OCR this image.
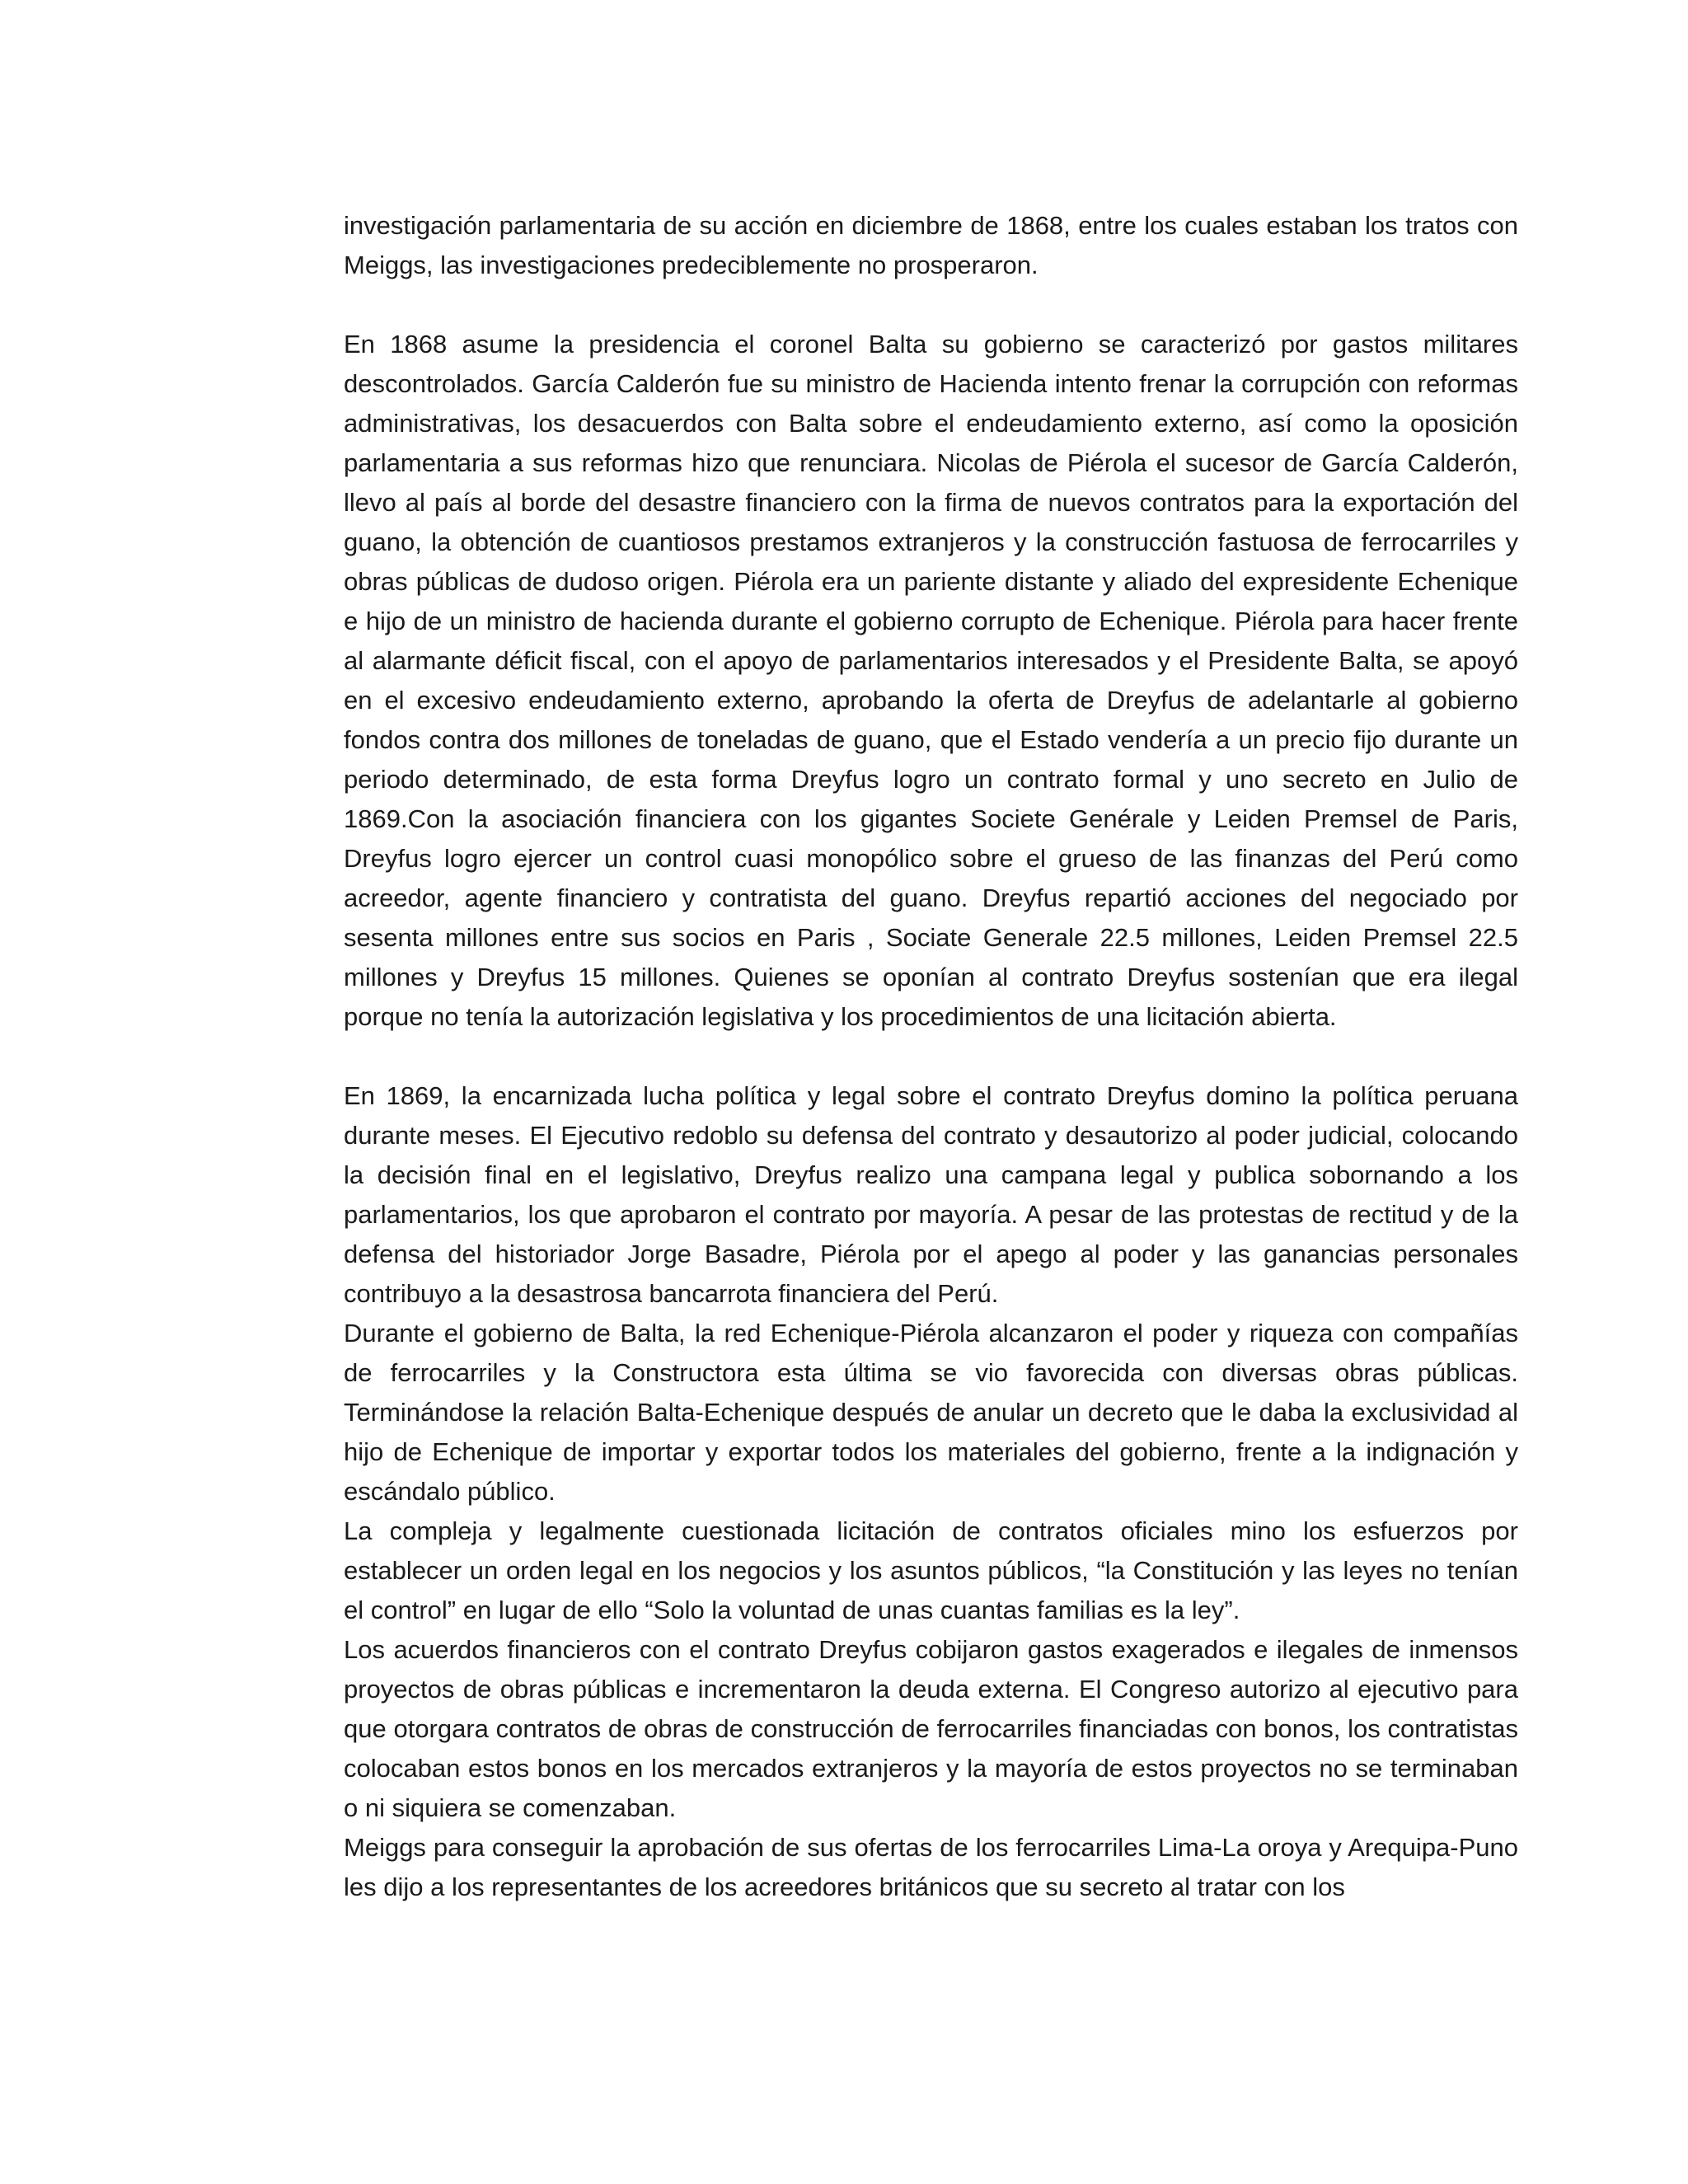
investigación parlamentaria de su acción en diciembre de 1868, entre los cuales estaban los tratos con Meiggs, las investigaciones predeciblemente no prosperaron.

En 1868 asume la presidencia el coronel Balta su gobierno se caracterizó por gastos militares descontrolados. García Calderón fue su ministro de Hacienda intento frenar la corrupción con reformas administrativas, los desacuerdos con Balta sobre el endeudamiento externo, así como la oposición parlamentaria a sus reformas hizo que renunciara. Nicolas de Piérola el sucesor de García Calderón, llevo al país al borde del desastre financiero con la firma de nuevos contratos para la exportación del guano, la obtención de cuantiosos prestamos extranjeros y la construcción fastuosa de ferrocarriles y obras públicas de dudoso origen. Piérola era un pariente distante y aliado del expresidente Echenique e hijo de un ministro de hacienda durante el gobierno corrupto de Echenique. Piérola para hacer frente al alarmante déficit fiscal, con el apoyo de parlamentarios interesados y el Presidente Balta, se apoyó en el excesivo endeudamiento externo, aprobando la oferta de Dreyfus de adelantarle al gobierno fondos contra dos millones de toneladas de guano, que el Estado vendería a un precio fijo durante un periodo determinado, de esta forma Dreyfus logro un contrato formal y uno secreto en Julio de 1869.Con la asociación financiera con los gigantes Societe Genérale y Leiden Premsel de Paris, Dreyfus logro ejercer un control cuasi monopólico sobre el grueso de las finanzas del Perú como acreedor, agente financiero y contratista del guano. Dreyfus repartió acciones del negociado por sesenta millones entre sus socios en Paris , Sociate Generale 22.5 millones, Leiden Premsel 22.5 millones y Dreyfus 15 millones. Quienes se oponían al contrato Dreyfus sostenían que era ilegal porque no tenía la autorización legislativa y los procedimientos de una licitación abierta.

En 1869, la encarnizada lucha política y legal sobre el contrato Dreyfus domino la política peruana durante meses. El Ejecutivo redoblo su defensa del contrato y desautorizo al poder judicial, colocando la decisión final en el legislativo, Dreyfus realizo una campana legal y publica sobornando a los parlamentarios, los que aprobaron el contrato por mayoría. A pesar de las protestas de rectitud y de la defensa del historiador Jorge Basadre, Piérola por el apego al poder y las ganancias personales contribuyo a la desastrosa bancarrota financiera del Perú.

Durante el gobierno de Balta, la red Echenique-Piérola alcanzaron el poder y riqueza con compañías de ferrocarriles y la Constructora esta última se vio favorecida con diversas obras públicas. Terminándose la relación Balta-Echenique después de anular un decreto que le daba la exclusividad al hijo de Echenique de importar y exportar todos los materiales del gobierno, frente a la indignación y escándalo público.

La compleja y legalmente cuestionada licitación de contratos oficiales mino los esfuerzos por establecer un orden legal en los negocios y los asuntos públicos, “la Constitución y las leyes no tenían el control” en lugar de ello “Solo la voluntad de unas cuantas familias es la ley”.

Los acuerdos financieros con el contrato Dreyfus cobijaron gastos exagerados e ilegales de inmensos proyectos de obras públicas e incrementaron la deuda externa. El Congreso autorizo al ejecutivo para que otorgara contratos de obras de construcción de ferrocarriles financiadas con bonos, los contratistas colocaban estos bonos en los mercados extranjeros y la mayoría de estos proyectos no se terminaban o ni siquiera se comenzaban.

Meiggs para conseguir la aprobación de sus ofertas de los ferrocarriles Lima-La oroya y Arequipa-Puno les dijo a los representantes de los acreedores británicos que su secreto al tratar con los
